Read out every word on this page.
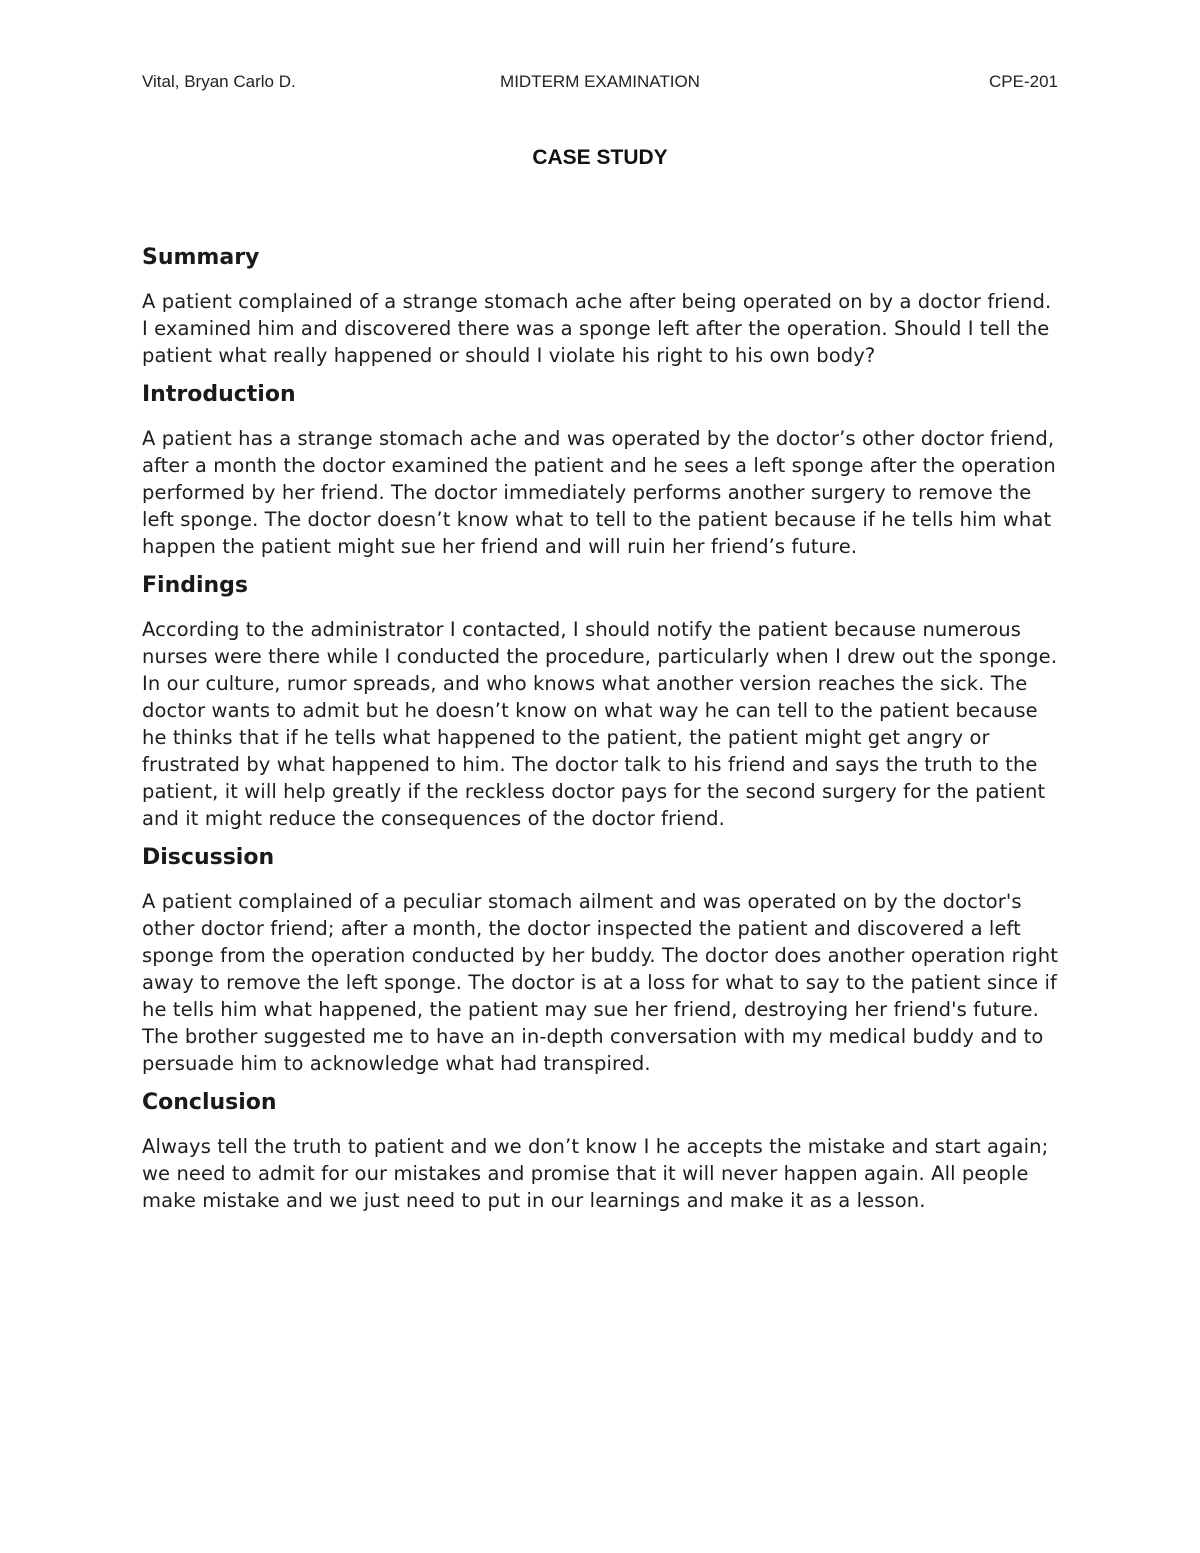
Vital, Bryan Carlo D.	MIDTERM EXAMINATION	CPE-201
CASE STUDY
Summary

A patient complained of a strange stomach ache after being operated on by a doctor friend. I examined him and discovered there was a sponge left after the operation. Should I tell the patient what really happened or should I violate his right to his own body?

Introduction

A patient has a strange stomach ache and was operated by the doctor’s other doctor friend, after a month the doctor examined the patient and he sees a left sponge after the operation performed by her friend. The doctor immediately performs another surgery to remove the left sponge. The doctor doesn’t know what to tell to the patient because if he tells him what happen the patient might sue her friend and will ruin her friend’s future.

Findings

According to the administrator I contacted, I should notify the patient because numerous nurses were there while I conducted the procedure, particularly when I drew out the sponge. In our culture, rumor spreads, and who knows what another version reaches the sick. The doctor wants to admit but he doesn’t know on what way he can tell to the patient because he thinks that if he tells what happened to the patient, the patient might get angry or frustrated by what happened to him. The doctor talk to his friend and says the truth to the patient, it will help greatly if the reckless doctor pays for the second surgery for the patient and it might reduce the consequences of the doctor friend.

Discussion

A patient complained of a peculiar stomach ailment and was operated on by the doctor's other doctor friend; after a month, the doctor inspected the patient and discovered a left sponge from the operation conducted by her buddy. The doctor does another operation right away to remove the left sponge. The doctor is at a loss for what to say to the patient since if he tells him what happened, the patient may sue her friend, destroying her friend's future. The brother suggested me to have an in-depth conversation with my medical buddy and to persuade him to acknowledge what had transpired.

Conclusion

Always tell the truth to patient and we don’t know I he accepts the mistake and start again; we need to admit for our mistakes and promise that it will never happen again. All people make mistake and we just need to put in our learnings and make it as a lesson.
